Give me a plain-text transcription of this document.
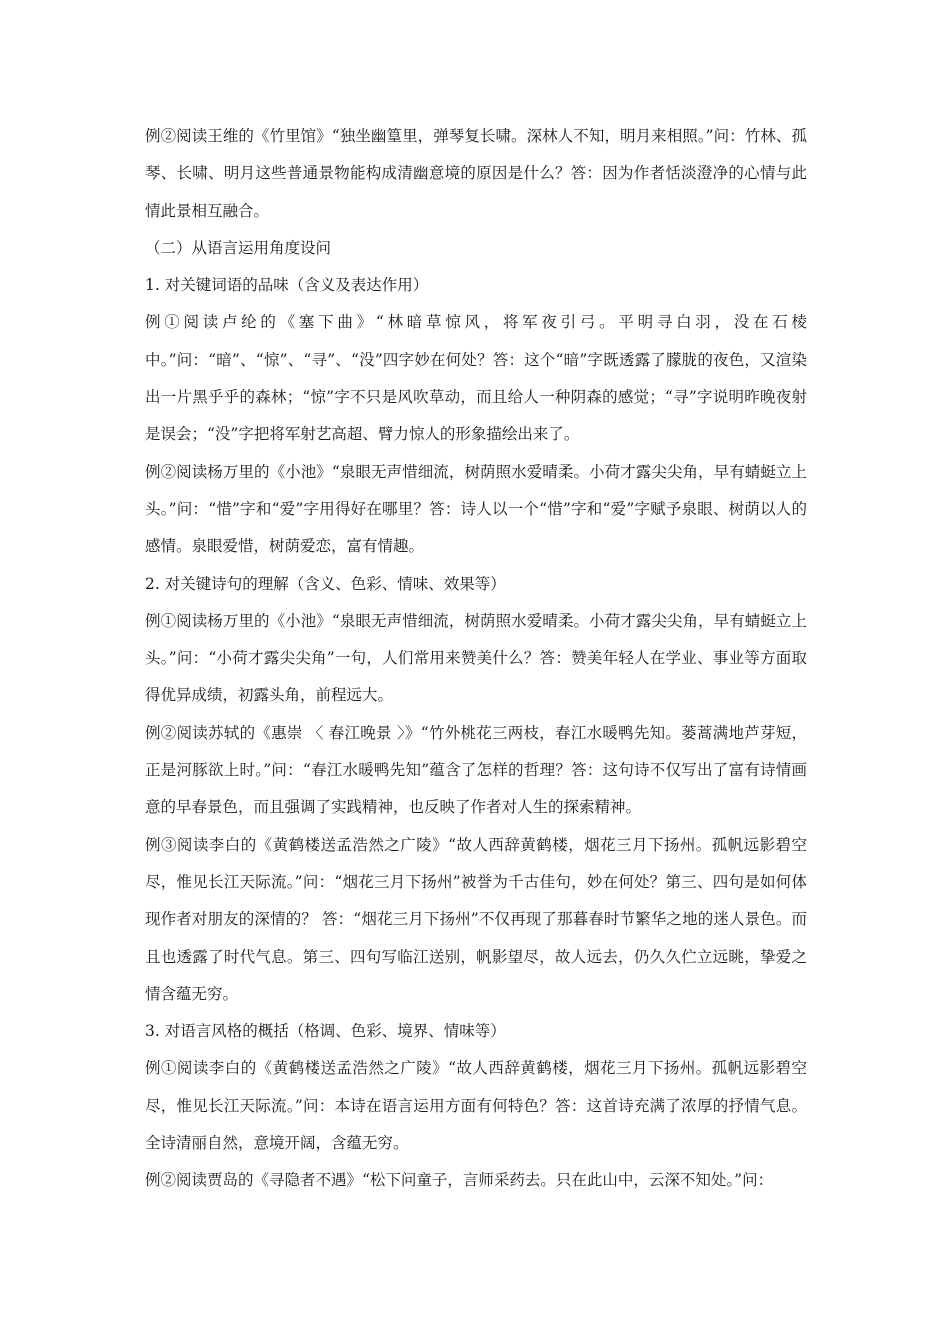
例②阅读王维的《竹里馆》“独坐幽篁里，弹琴复长啸。深林人不知，明月来相照。”问：竹林、孤琴、长啸、明月这些普通景物能构成清幽意境的原因是什么？答：因为作者恬淡澄净的心情与此情此景相互融合。

（二）从语言运用角度设问

1. 对关键词语的品味（含义及表达作用）

例①阅读卢纶的《塞下曲》“林暗草惊风，将军夜引弓。平明寻白羽，没在石棱中。”问：“暗”、“惊”、“寻”、“没”四字妙在何处？答：这个“暗”字既透露了朦胧的夜色，又渲染出一片黑乎乎的森林；“惊”字不只是风吹草动，而且给人一种阴森的感觉；“寻”字说明昨晚夜射是误会；“没”字把将军射艺高超、臂力惊人的形象描绘出来了。

例②阅读杨万里的《小池》“泉眼无声惜细流，树荫照水爱晴柔。小荷才露尖尖角，早有蜻蜓立上头。”问：“惜”字和“爱”字用得好在哪里？答：诗人以一个“惜”字和“爱”字赋予泉眼、树荫以人的感情。泉眼爱惜，树荫爱恋，富有情趣。

2. 对关键诗句的理解（含义、色彩、情味、效果等）

例①阅读杨万里的《小池》“泉眼无声惜细流，树荫照水爱晴柔。小荷才露尖尖角，早有蜻蜓立上头。”问：“小荷才露尖尖角”一句，人们常用来赞美什么？答：赞美年轻人在学业、事业等方面取得优异成绩，初露头角，前程远大。

例②阅读苏轼的《惠崇 〈 春江晚景 〉》“竹外桃花三两枝，春江水暖鸭先知。蒌蒿满地芦芽短，正是河豚欲上时。”问：“春江水暖鸭先知”蕴含了怎样的哲理？答：这句诗不仅写出了富有诗情画意的早春景色，而且强调了实践精神，也反映了作者对人生的探索精神。

例③阅读李白的《黄鹤楼送孟浩然之广陵》“故人西辞黄鹤楼，烟花三月下扬州。孤帆远影碧空尽，惟见长江天际流。”问：“烟花三月下扬州”被誉为千古佳句，妙在何处？第三、四句是如何体现作者对朋友的深情的？ 答：“烟花三月下扬州”不仅再现了那暮春时节繁华之地的迷人景色。而且也透露了时代气息。第三、四句写临江送别，帆影望尽，故人远去，仍久久伫立远眺，挚爱之情含蕴无穷。

3. 对语言风格的概括（格调、色彩、境界、情味等）

例①阅读李白的《黄鹤楼送孟浩然之广陵》“故人西辞黄鹤楼，烟花三月下扬州。孤帆远影碧空尽，惟见长江天际流。”问：本诗在语言运用方面有何特色？答：这首诗充满了浓厚的抒情气息。全诗清丽自然，意境开阔，含蕴无穷。

例②阅读贾岛的《寻隐者不遇》“松下问童子，言师采药去。只在此山中，云深不知处。”问：
